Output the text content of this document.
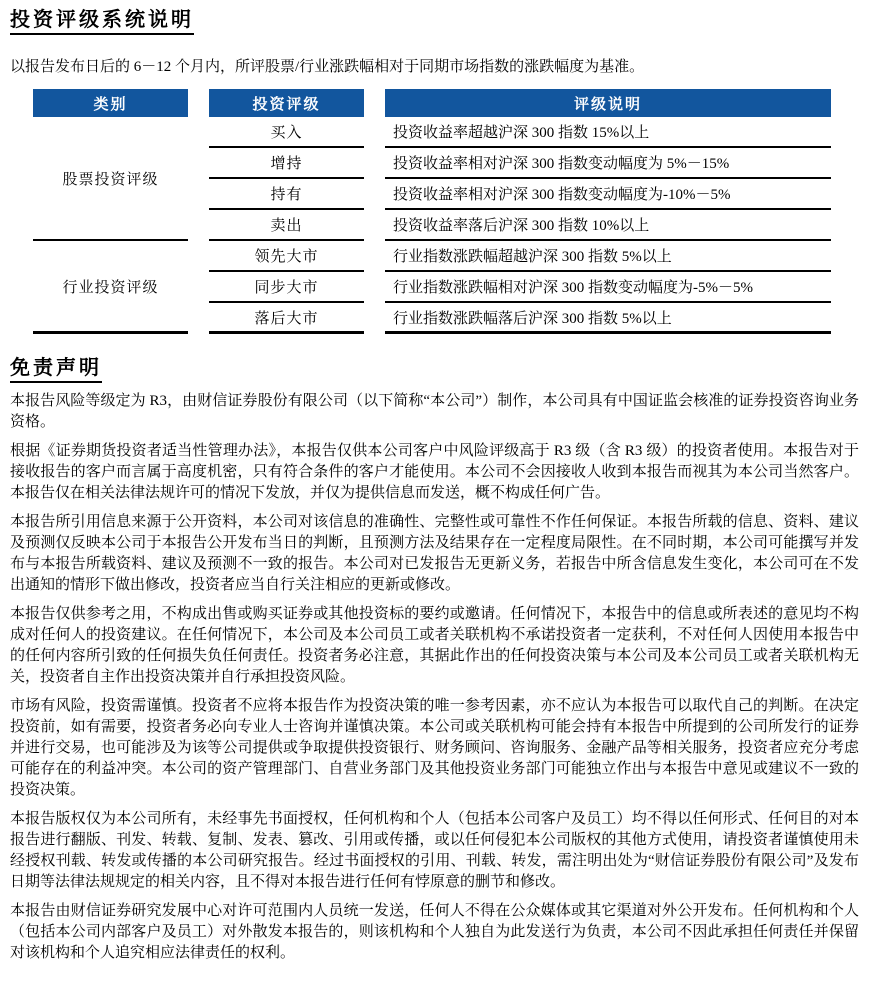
投资评级系统说明

以报告发布日后的 6－12 个月内，所评股票/行业涨跌幅相对于同期市场指数的涨跌幅度为基准。

类别	投资评级	评级说明
股票投资评级
买入	投资收益率超越沪深 300 指数 15%以上
增持	投资收益率相对沪深 300 指数变动幅度为 5%－15%
持有	投资收益率相对沪深 300 指数变动幅度为-10%－5%
卖出	投资收益率落后沪深 300 指数 10%以上
行业投资评级
领先大市	行业指数涨跌幅超越沪深 300 指数 5%以上
同步大市	行业指数涨跌幅相对沪深 300 指数变动幅度为-5%－5%
落后大市	行业指数涨跌幅落后沪深 300 指数 5%以上
免责声明

本报告风险等级定为 R3，由财信证券股份有限公司（以下简称“本公司”）制作，本公司具有中国证监会核准的证券投资咨询业务资格。

根据《证券期货投资者适当性管理办法》，本报告仅供本公司客户中风险评级高于 R3 级（含 R3 级）的投资者使用。本报告对于接收报告的客户而言属于高度机密，只有符合条件的客户才能使用。本公司不会因接收人收到本报告而视其为本公司当然客户。本报告仅在相关法律法规许可的情况下发放，并仅为提供信息而发送，概不构成任何广告。

本报告所引用信息来源于公开资料，本公司对该信息的准确性、完整性或可靠性不作任何保证。本报告所载的信息、资料、建议及预测仅反映本公司于本报告公开发布当日的判断，且预测方法及结果存在一定程度局限性。在不同时期，本公司可能撰写并发布与本报告所载资料、建议及预测不一致的报告。本公司对已发报告无更新义务，若报告中所含信息发生变化，本公司可在不发出通知的情形下做出修改，投资者应当自行关注相应的更新或修改。

本报告仅供参考之用，不构成出售或购买证券或其他投资标的要约或邀请。任何情况下，本报告中的信息或所表述的意见均不构成对任何人的投资建议。在任何情况下，本公司及本公司员工或者关联机构不承诺投资者一定获利，不对任何人因使用本报告中的任何内容所引致的任何损失负任何责任。投资者务必注意，其据此作出的任何投资决策与本公司及本公司员工或者关联机构无关，投资者自主作出投资决策并自行承担投资风险。

市场有风险，投资需谨慎。投资者不应将本报告作为投资决策的唯一参考因素，亦不应认为本报告可以取代自己的判断。在决定投资前，如有需要，投资者务必向专业人士咨询并谨慎决策。本公司或关联机构可能会持有本报告中所提到的公司所发行的证券并进行交易，也可能涉及为该等公司提供或争取提供投资银行、财务顾问、咨询服务、金融产品等相关服务，投资者应充分考虑可能存在的利益冲突。本公司的资产管理部门、自营业务部门及其他投资业务部门可能独立作出与本报告中意见或建议不一致的投资决策。

本报告版权仅为本公司所有，未经事先书面授权，任何机构和个人（包括本公司客户及员工）均不得以任何形式、任何目的对本报告进行翻版、刊发、转载、复制、发表、篡改、引用或传播，或以任何侵犯本公司版权的其他方式使用，请投资者谨慎使用未经授权刊载、转发或传播的本公司研究报告。经过书面授权的引用、刊载、转发，需注明出处为“财信证券股份有限公司”及发布日期等法律法规规定的相关内容，且不得对本报告进行任何有悖原意的删节和修改。

本报告由财信证券研究发展中心对许可范围内人员统一发送，任何人不得在公众媒体或其它渠道对外公开发布。任何机构和个人（包括本公司内部客户及员工）对外散发本报告的，则该机构和个人独自为此发送行为负责，本公司不因此承担任何责任并保留对该机构和个人追究相应法律责任的权利。
